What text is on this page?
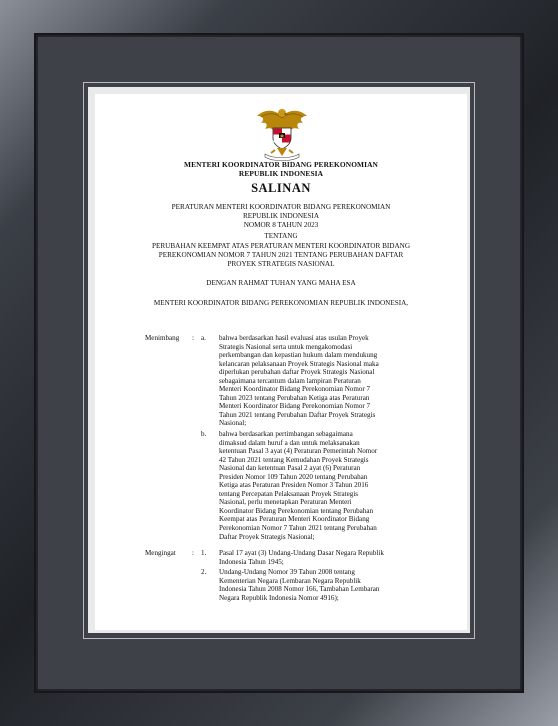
MENTERI KOORDINATOR BIDANG PEREKONOMIAN
REPUBLIK INDONESIA
SALINAN
PERATURAN MENTERI KOORDINATOR BIDANG PEREKONOMIAN
REPUBLIK INDONESIA
NOMOR 8 TAHUN 2023
TENTANG
PERUBAHAN KEEMPAT ATAS PERATURAN MENTERI KOORDINATOR BIDANG
PEREKONOMIAN NOMOR 7 TAHUN 2021 TENTANG PERUBAHAN DAFTAR
PROYEK STRATEGIS NASIONAL
DENGAN RAHMAT TUHAN YANG MAHA ESA
MENTERI KOORDINATOR BIDANG PEREKONOMIAN REPUBLIK INDONESIA,
Menimbang : a. bahwa berdasarkan hasil evaluasi atas usulan Proyek
Strategis Nasional serta untuk mengakomodasi
perkembangan dan kepastian hukum dalam mendukung
kelancaran pelaksanaan Proyek Strategis Nasional maka
diperlukan perubahan daftar Proyek Strategis Nasional
sebagaimana tercantum dalam lampiran Peraturan
Menteri Koordinator Bidang Perekonomian Nomor 7
Tahun 2023 tentang Perubahan Ketiga atas Peraturan
Menteri Koordinator Bidang Perekonomian Nomor 7
Tahun 2021 tentang Perubahan Daftar Proyek Strategis
Nasional;
b. bahwa berdasarkan pertimbangan sebagaimana
dimaksud dalam huruf a dan untuk melaksanakan
ketentuan Pasal 3 ayat (4) Peraturan Pemerintah Nomor
42 Tahun 2021 tentang Kemudahan Proyek Strategis
Nasional dan ketentuan Pasal 2 ayat (6) Peraturan
Presiden Nomor 109 Tahun 2020 tentang Perubahan
Ketiga atas Peraturan Presiden Nomor 3 Tahun 2016
tentang Percepatan Pelaksanaan Proyek Strategis
Nasional, perlu menetapkan Peraturan Menteri
Koordinator Bidang Perekonomian tentang Perubahan
Keempat atas Peraturan Menteri Koordinator Bidang
Perekonomian Nomor 7 Tahun 2021 tentang Perubahan
Daftar Proyek Strategis Nasional;
Mengingat : 1. Pasal 17 ayat (3) Undang-Undang Dasar Negara Republik
Indonesia Tahun 1945;
2. Undang-Undang Nomor 39 Tahun 2008 tentang
Kementerian Negara (Lembaran Negara Republik
Indonesia Tahun 2008 Nomor 166, Tambahan Lembaran
Negara Republik Indonesia Nomor 4916);
